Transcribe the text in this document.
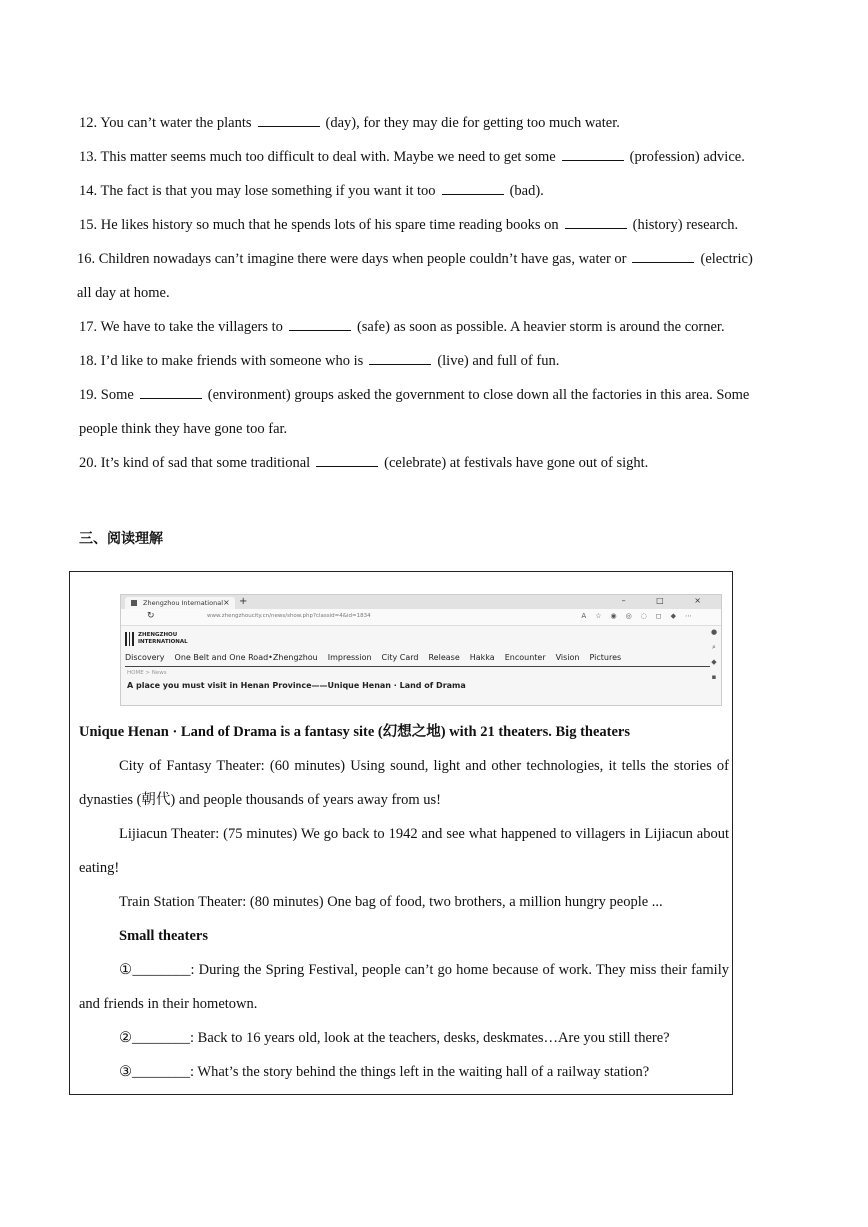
12. You can’t water the plants	(day), for they may die for getting too much water.
13. This matter seems much too difficult to deal with. Maybe we need to get some	(profession) advice.
14. The fact is that you may lose something if you want it too	(bad).
15. He likes history so much that he spends lots of his spare time reading books on	(history) research.
16. Children nowadays can’t imagine there were days when people couldn’t have gas, water or	(electric)
all day at home.
17. We have to take the villagers to	(safe) as soon as possible. A heavier storm is around the corner.
18. I’d like to make friends with someone who is	(live) and full of fun.
19. Some	(environment) groups asked the government to close down all the factories in this area. Some
people think they have gone too far.
20. It’s kind of sad that some traditional	(celebrate) at festivals have gone out of sight.
三、阅读理解
Zhengzhou International × +	– □ ×
↻	www.zhengzhoucity.cn/news/show.php?classid=4&id=1834	A☆◉◎◌◻◆⋯
●
⌕
◆
▪
ZHENGZHOU
INTERNATIONAL
Discovery One Belt and One Road•Zhengzhou Impression City Card Release Hakka Encounter Vision Pictures
HOME > News
A place you must visit in Henan Province——Unique Henan · Land of Drama
Unique Henan · Land of Drama is a fantasy site (幻想之地) with 21 theaters. Big theaters
City of Fantasy Theater: (60 minutes) Using sound, light and other technologies, it tells the stories of dynasties (朝代) and people thousands of years away from us!
Lijiacun Theater: (75 minutes) We go back to 1942 and see what happened to villagers in Lijiacun about eating!
Train Station Theater: (80 minutes) One bag of food, two brothers, a million hungry people ...
Small theaters
①________: During the Spring Festival, people can’t go home because of work. They miss their family and friends in their hometown.
②________: Back to 16 years old, look at the teachers, desks, deskmates…Are you still there?
③________: What’s the story behind the things left in the waiting hall of a railway station?
